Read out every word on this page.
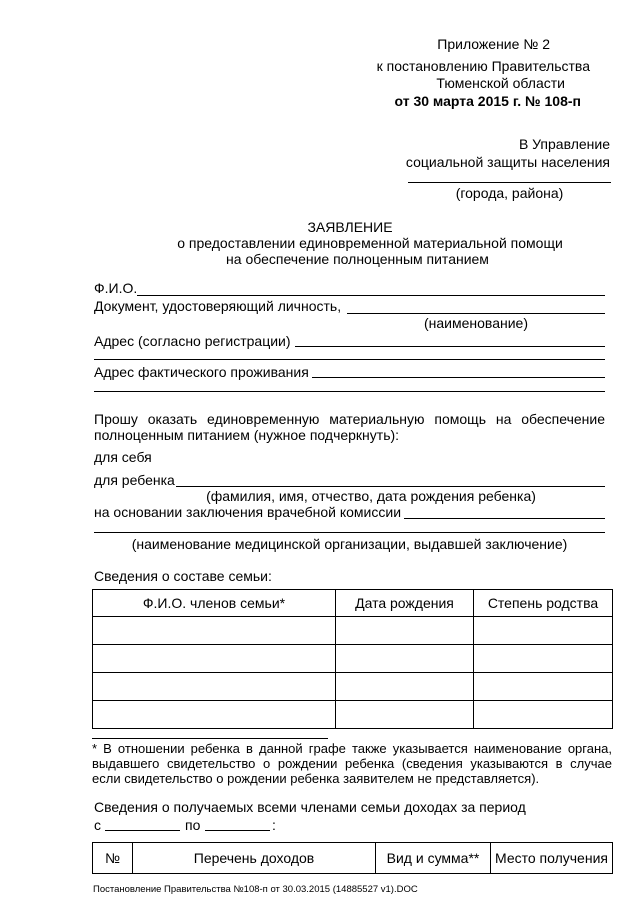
Приложение № 2
к постановлению Правительства
Тюменской области
от 30 марта 2015 г. № 108-п
В Управление
социальной защиты населения
(города, района)
ЗАЯВЛЕНИЕ
о предоставлении единовременной материальной помощи
на обеспечение полноценным питанием
Ф.И.О.
Документ, удостоверяющий личность,
(наименование)
Адрес (согласно регистрации)
Адрес фактического проживания
Прошу оказать единовременную материальную помощь на обеспечение полноценным питанием (нужное подчеркнуть):
для себя
для ребенка
(фамилия, имя, отчество, дата рождения ребенка)
на основании заключения врачебной комиссии
(наименование медицинской организации, выдавшей заключение)
Сведения о составе семьи:
Ф.И.О. членов семьи*	Дата рождения	Степень родства

* В отношении ребенка в данной графе также указывается наименование органа, выдавшего свидетельство о рождении ребенка (сведения указываются в случае если свидетельство о рождении ребенка заявителем не представляется).
Сведения о получаемых всеми членами семьи доходах за период
с	по	:
№	Перечень доходов	Вид и сумма**	Место получения
Постановление Правительства №108-п от 30.03.2015 (14885527 v1).DOC
